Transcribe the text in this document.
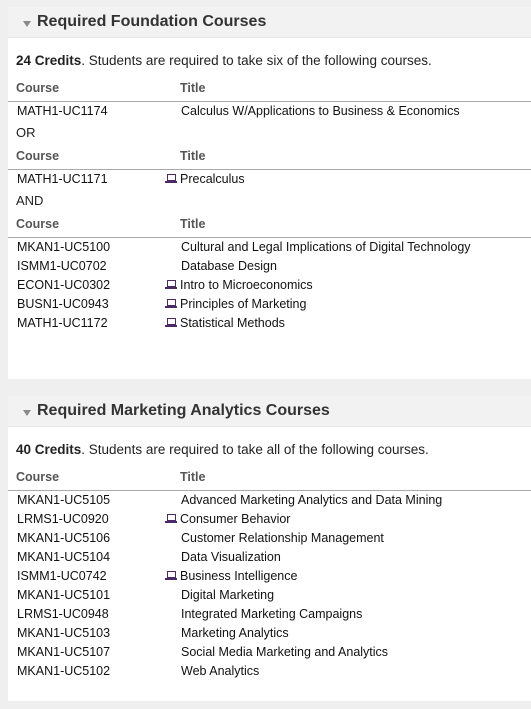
Required Foundation Courses
24 Credits. Students are required to take six of the following courses.
Course	Title
MATH1-UC1174	Calculus W/Applications to Business & Economics
OR
Course	Title
MATH1-UC1171	Precalculus
AND
Course	Title
MKAN1-UC5100	Cultural and Legal Implications of Digital Technology
ISMM1-UC0702	Database Design
ECON1-UC0302	Intro to Microeconomics
BUSN1-UC0943	Principles of Marketing
MATH1-UC1172	Statistical Methods
Required Marketing Analytics Courses
40 Credits. Students are required to take all of the following courses.
Course	Title
MKAN1-UC5105	Advanced Marketing Analytics and Data Mining
LRMS1-UC0920	Consumer Behavior
MKAN1-UC5106	Customer Relationship Management
MKAN1-UC5104	Data Visualization
ISMM1-UC0742	Business Intelligence
MKAN1-UC5101	Digital Marketing
LRMS1-UC0948	Integrated Marketing Campaigns
MKAN1-UC5103	Marketing Analytics
MKAN1-UC5107	Social Media Marketing and Analytics
MKAN1-UC5102	Web Analytics
